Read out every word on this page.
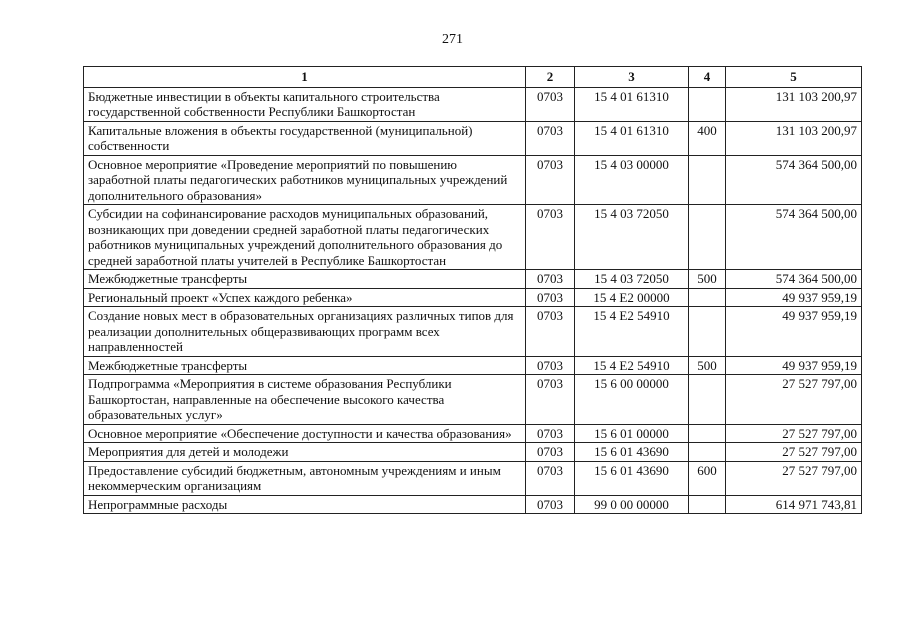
271
1	2	3	4	5
Бюджетные инвестиции в объекты капитального строительства государственной собственности Республики Башкортостан	0703	15 4 01 61310		131 103 200,97
Капитальные вложения в объекты государственной (муниципальной) собственности	0703	15 4 01 61310	400	131 103 200,97
Основное мероприятие «Проведение мероприятий по повышению заработной платы педагогических работников муниципальных учреждений дополнительного образования»	0703	15 4 03 00000		574 364 500,00
Субсидии на софинансирование расходов муниципальных образований, возникающих при доведении средней заработной платы педагогических работников муниципальных учреждений дополнительного образования до средней заработной платы учителей в Республике Башкортостан	0703	15 4 03 72050		574 364 500,00
Межбюджетные трансферты	0703	15 4 03 72050	500	574 364 500,00
Региональный проект «Успех каждого ребенка»	0703	15 4 E2 00000		49 937 959,19
Создание новых мест в образовательных организациях различных типов для реализации дополнительных общеразвивающих программ всех направленностей	0703	15 4 E2 54910		49 937 959,19
Межбюджетные трансферты	0703	15 4 E2 54910	500	49 937 959,19
Подпрограмма «Мероприятия в системе образования Республики Башкортостан, направленные на обеспечение высокого качества образовательных услуг»	0703	15 6 00 00000		27 527 797,00
Основное мероприятие «Обеспечение доступности и качества образования»	0703	15 6 01 00000		27 527 797,00
Мероприятия для детей и молодежи	0703	15 6 01 43690		27 527 797,00
Предоставление субсидий бюджетным, автономным учреждениям и иным некоммерческим организациям	0703	15 6 01 43690	600	27 527 797,00
Непрограммные расходы	0703	99 0 00 00000		614 971 743,81
